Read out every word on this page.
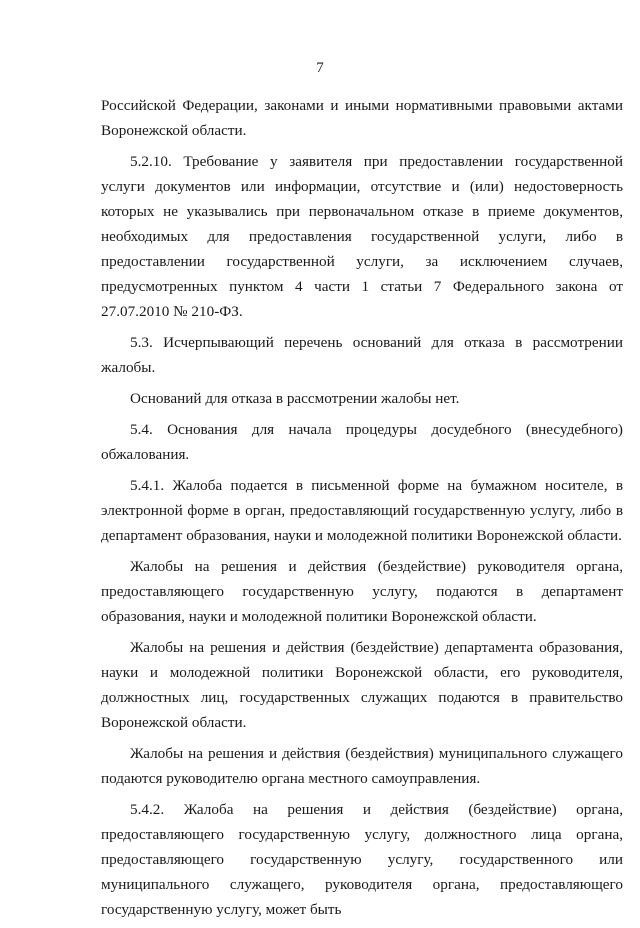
7

Российской Федерации, законами и иными нормативными правовыми актами Воронежской области.

5.2.10. Требование у заявителя при предоставлении государственной услуги документов или информации, отсутствие и (или) недостоверность которых не указывались при первоначальном отказе в приеме документов, необходимых для предоставления государственной услуги, либо в предоставлении государственной услуги, за исключением случаев, предусмотренных пунктом 4 части 1 статьи 7 Федерального закона от 27.07.2010 № 210-ФЗ.

5.3. Исчерпывающий перечень оснований для отказа в рассмотрении жалобы.

Оснований для отказа в рассмотрении жалобы нет.

5.4. Основания для начала процедуры досудебного (внесудебного) обжалования.

5.4.1. Жалоба подается в письменной форме на бумажном носителе, в электронной форме в орган, предоставляющий государственную услугу, либо в департамент образования, науки и молодежной политики Воронежской области.

Жалобы на решения и действия (бездействие) руководителя органа, предоставляющего государственную услугу, подаются в департамент образования, науки и молодежной политики Воронежской области.

Жалобы на решения и действия (бездействие) департамента образования, науки и молодежной политики Воронежской области, его руководителя, должностных лиц, государственных служащих подаются в правительство Воронежской области.

Жалобы на решения и действия (бездействия) муниципального служащего подаются руководителю органа местного самоуправления.

5.4.2. Жалоба на решения и действия (бездействие) органа, предоставляющего государственную услугу, должностного лица органа, предоставляющего государственную услугу, государственного или муниципального служащего, руководителя органа, предоставляющего государственную услугу, может быть
